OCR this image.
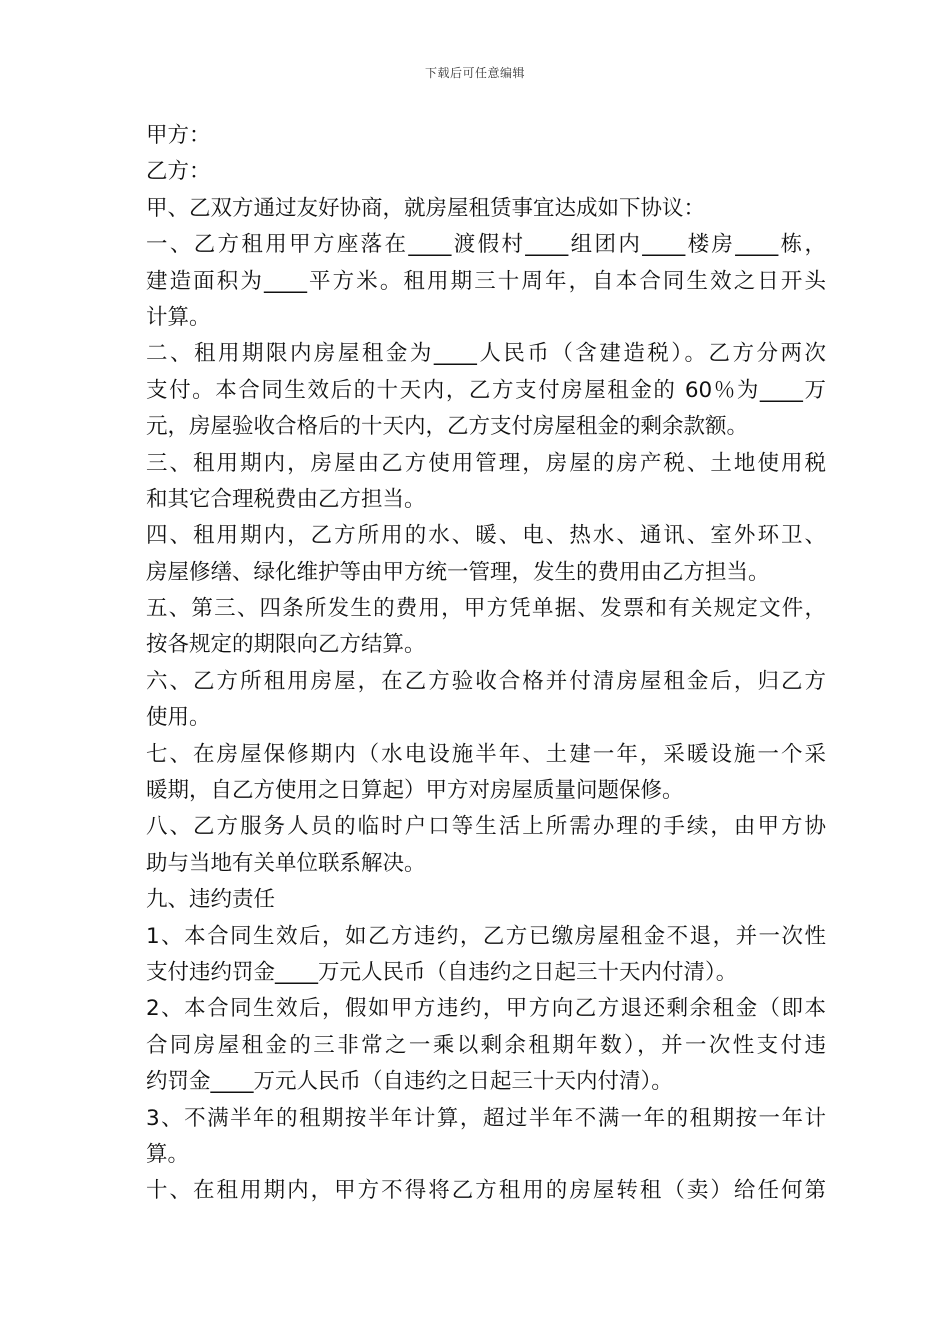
下载后可任意编辑
甲方：
乙方：
甲、乙双方通过友好协商，就房屋租赁事宜达成如下协议：
一、乙方租用甲方座落在____渡假村____组团内____楼房____栋，
建造面积为____平方米。租用期三十周年，自本合同生效之日开头
计算。
二、租用期限内房屋租金为____人民币（含建造税）。乙方分两次
支付。本合同生效后的十天内，乙方支付房屋租金的 60％为____万
元，房屋验收合格后的十天内，乙方支付房屋租金的剩余款额。
三、租用期内，房屋由乙方使用管理，房屋的房产税、土地使用税
和其它合理税费由乙方担当。
四、租用期内，乙方所用的水、暖、电、热水、通讯、室外环卫、
房屋修缮、绿化维护等由甲方统一管理，发生的费用由乙方担当。
五、第三、四条所发生的费用，甲方凭单据、发票和有关规定文件，
按各规定的期限向乙方结算。
六、乙方所租用房屋，在乙方验收合格并付清房屋租金后，归乙方
使用。
七、在房屋保修期内（水电设施半年、土建一年，采暖设施一个采
暖期，自乙方使用之日算起）甲方对房屋质量问题保修。
八、乙方服务人员的临时户口等生活上所需办理的手续，由甲方协
助与当地有关单位联系解决。
九、违约责任
1、本合同生效后，如乙方违约，乙方已缴房屋租金不退，并一次性
支付违约罚金____万元人民币（自违约之日起三十天内付清）。
2、本合同生效后，假如甲方违约，甲方向乙方退还剩余租金（即本
合同房屋租金的三非常之一乘以剩余租期年数），并一次性支付违
约罚金____万元人民币（自违约之日起三十天内付清）。
3、不满半年的租期按半年计算，超过半年不满一年的租期按一年计
算。
十、在租用期内，甲方不得将乙方租用的房屋转租（卖）给任何第
